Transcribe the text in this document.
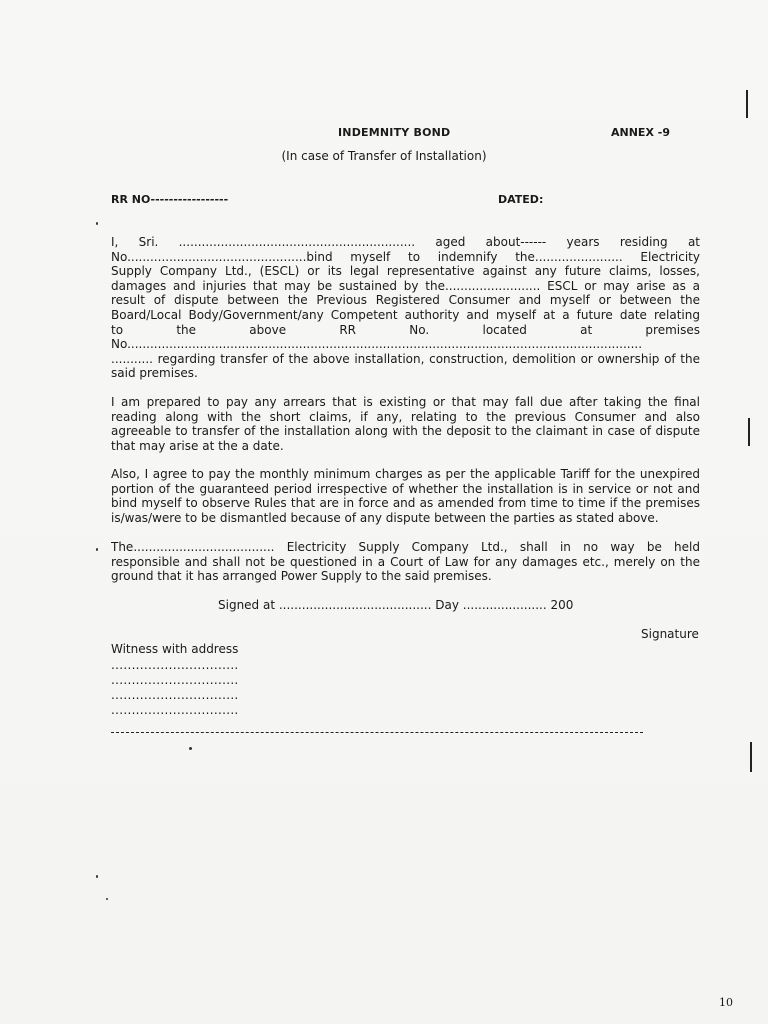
INDEMNITY BOND	ANNEX -9
(In case of Transfer of Installation)
RR NO-----------------	DATED:
I, Sri. .............................................................. aged about------ years residing at
No...............................................bind myself to indemnify the....................... Electricity
Supply Company Ltd., (ESCL) or its legal representative against any future claims, losses,
damages and injuries that may be sustained by the......................... ESCL or may arise as a
result of dispute between the Previous Registered Consumer and myself or between the
Board/Local Body/Government/any Competent authority and myself at a future date relating
to the above RR No. located at premises
No.......................................................................................................................................
........... regarding transfer of the above installation, construction, demolition or ownership of the
said premises.
I am prepared to pay any arrears that is existing or that may fall due after taking the final
reading along with the short claims, if any, relating to the previous Consumer and also
agreeable to transfer of the installation along with the deposit to the claimant in case of dispute
that may arise at the a date.
Also, I agree to pay the monthly minimum charges as per the applicable Tariff for the unexpired
portion of the guaranteed period irrespective of whether the installation is in service or not and
bind myself to observe Rules that are in force and as amended from time to time if the premises
is/was/were to be dismantled because of any dispute between the parties as stated above.
The..................................... Electricity Supply Company Ltd., shall in no way be held
responsible and shall not be questioned in a Court of Law for any damages etc., merely on the
ground that it has arranged Power Supply to the said premises.
Signed at ........................................ Day ...................... 200
Signature
Witness with address
...............................
...............................
...............................
...............................
10
